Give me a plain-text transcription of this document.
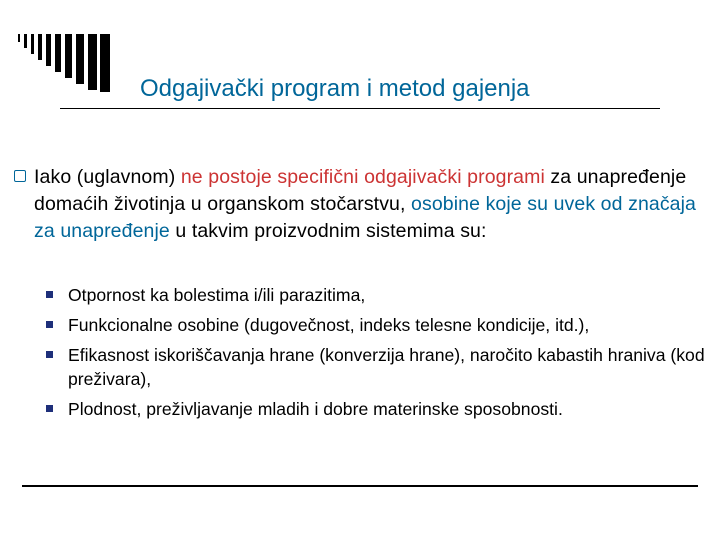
Odgajivački program i metod gajenja
Iako (uglavnom) ne postoje specifični odgajivački programi za unapređenje domaćih životinja u organskom stočarstvu, osobine koje su uvek od značaja za unapređenje u takvim proizvodnim sistemima su:
Otpornost ka bolestima i/ili parazitima,
Funkcionalne osobine (dugovečnost, indeks telesne kondicije, itd.),
Efikasnost iskoriščavanja hrane (konverzija hrane), naročito kabastih hraniva (kod preživara),
Plodnost, preživljavanje mladih i dobre materinske sposobnosti.
